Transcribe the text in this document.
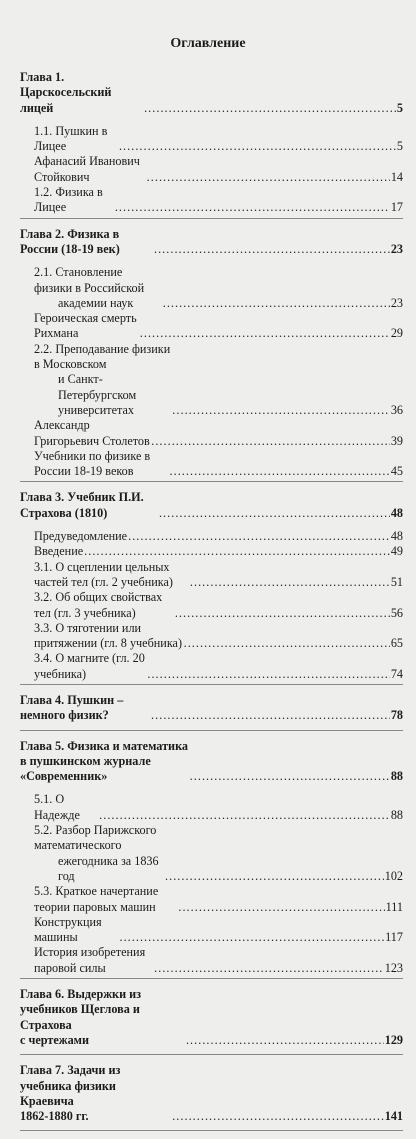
Оглавление
Глава 1. Царскосельский лицей . . .	5
1.1. Пушкин в Лицее . . .	5
Афанасий Иванович Стойкович . . .	14
1.2. Физика в Лицее . . .	17
Глава 2. Физика в России (18-19 век) . . .	23
2.1. Становление физики в Российской
академии наук . . .	23
Героическая смерть Рихмана . . .	29
2.2. Преподавание физики в Московском
и Санкт-Петербургском университетах . . .	36
Александр Григорьевич Столетов . . .	39
Учебники по физике в России 18-19 веков . . .	45
Глава 3. Учебник П.И. Страхова (1810) . . .	48
Предуведомление . . .	48
Введение . . .	49
3.1. О сцеплении цельных частей тел (гл. 2 учебника) . . .	51
3.2. Об общих свойствах тел (гл. 3 учебника) . . .	56
3.3. О тяготении или притяжении (гл. 8 учебника) . . .	65
3.4. О магните (гл. 20 учебника) . . .	74
Глава 4. Пушкин – немного физик? . . .	78
Глава 5. Физика и математика в пушкинском журнале
«Современник» . . .	88
5.1. О Надежде . . .	88
5.2. Разбор Парижского математического
ежегодника за 1836 год . . .	102
5.3. Краткое начертание теории паровых машин . . .	111
Конструкция машины . . .	117
История изобретения паровой силы . . .	123
Глава 6. Выдержки из учебников Щеглова и Страхова
с чертежами . . .	129
Глава 7. Задачи из учебника физики Краевича
1862-1880 гг. . . .	141
